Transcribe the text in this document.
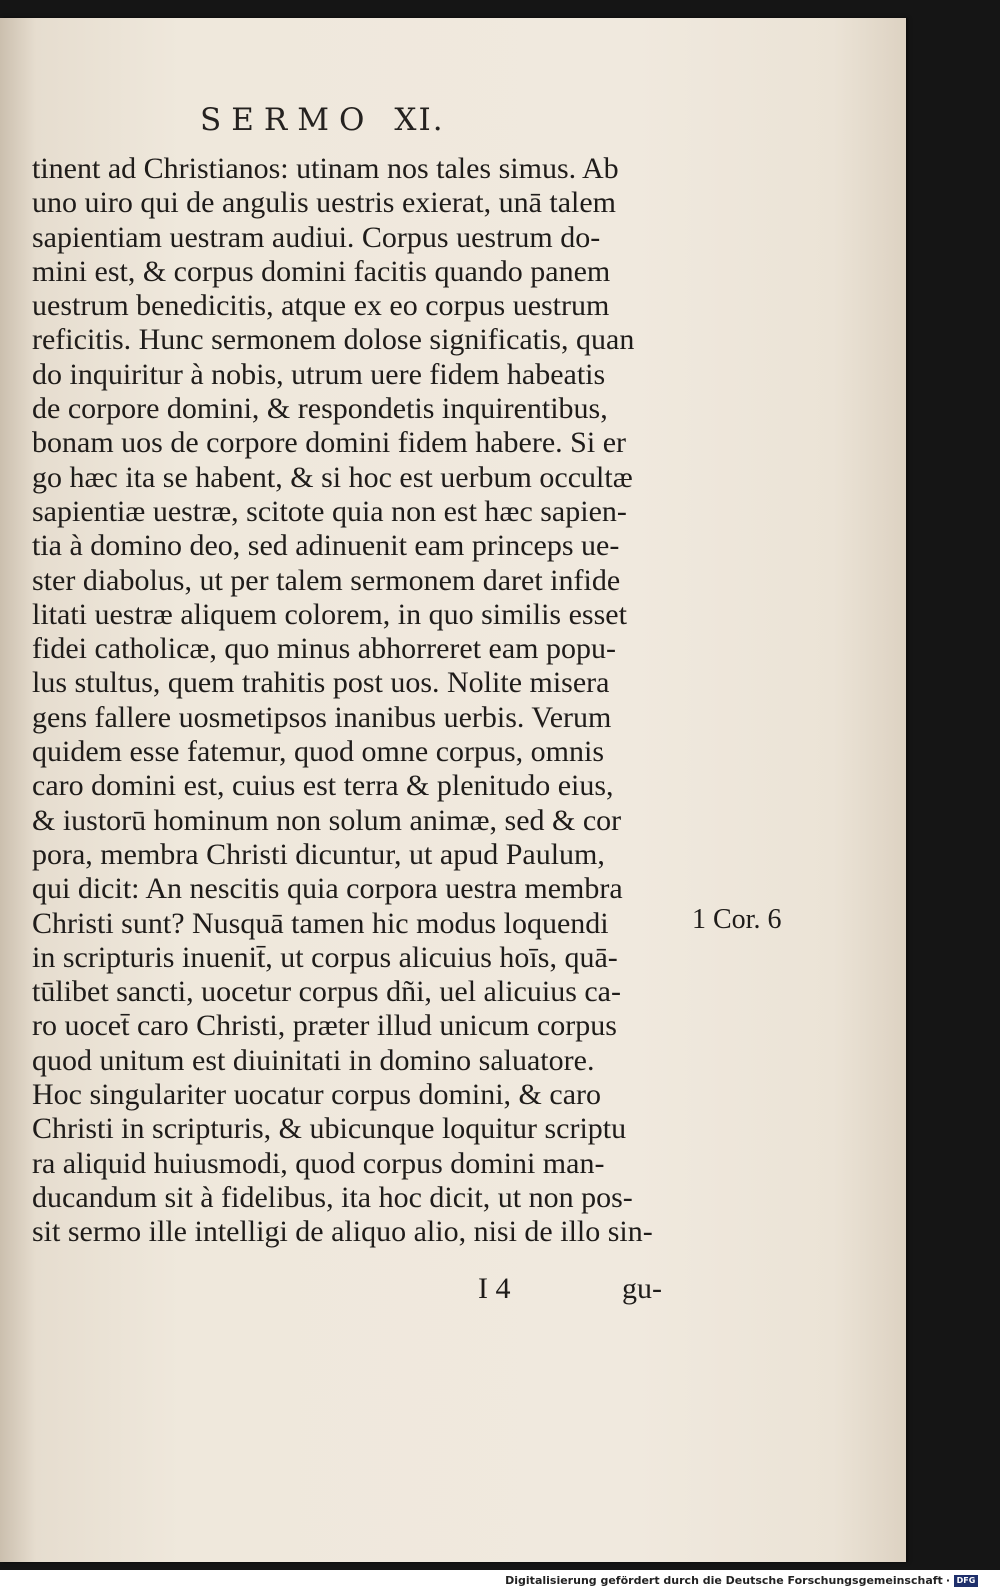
SERMO XI.
tinent ad Christianos: utinam nos tales simus. Ab
uno uiro qui de angulis uestris exierat, unā talem
sapientiam uestram audiui. Corpus uestrum do-
mini est, & corpus domini facitis quando panem
uestrum benedicitis, atque ex eo corpus uestrum
reficitis. Hunc sermonem dolose significatis, quan
do inquiritur à nobis, utrum uere fidem habeatis
de corpore domini, & respondetis inquirentibus,
bonam uos de corpore domini fidem habere. Si er
go hæc ita se habent, & si hoc est uerbum occultæ
sapientiæ uestræ, scitote quia non est hæc sapien-
tia à domino deo, sed adinuenit eam princeps ue-
ster diabolus, ut per talem sermonem daret infide
litati uestræ aliquem colorem, in quo similis esset
fidei catholicæ, quo minus abhorreret eam popu-
lus stultus, quem trahitis post uos. Nolite misera
gens fallere uosmetipsos inanibus uerbis. Verum
quidem esse fatemur, quod omne corpus, omnis
caro domini est, cuius est terra & plenitudo eius,
& iustorū hominum non solum animæ, sed & cor
pora, membra Christi dicuntur, ut apud Paulum,
qui dicit: An nescitis quia corpora uestra membra
Christi sunt? Nusquā tamen hic modus loquendi
in scripturis inuenit̄, ut corpus alicuius hoīs, quā-
tūlibet sancti, uocetur corpus dñi, uel alicuius ca-
ro uocet̄ caro Christi, præter illud unicum corpus
quod unitum est diuinitati in domino saluatore.
Hoc singulariter uocatur corpus domini, & caro
Christi in scripturis, & ubicunque loquitur scriptu
ra aliquid huiusmodi, quod corpus domini man-
ducandum sit à fidelibus, ita hoc dicit, ut non pos-
sit sermo ille intelligi de aliquo alio, nisi de illo sin-
1 Cor. 6
I 4	gu-
Digitalisierung gefördert durch die Deutsche Forschungsgemeinschaft · DFG
